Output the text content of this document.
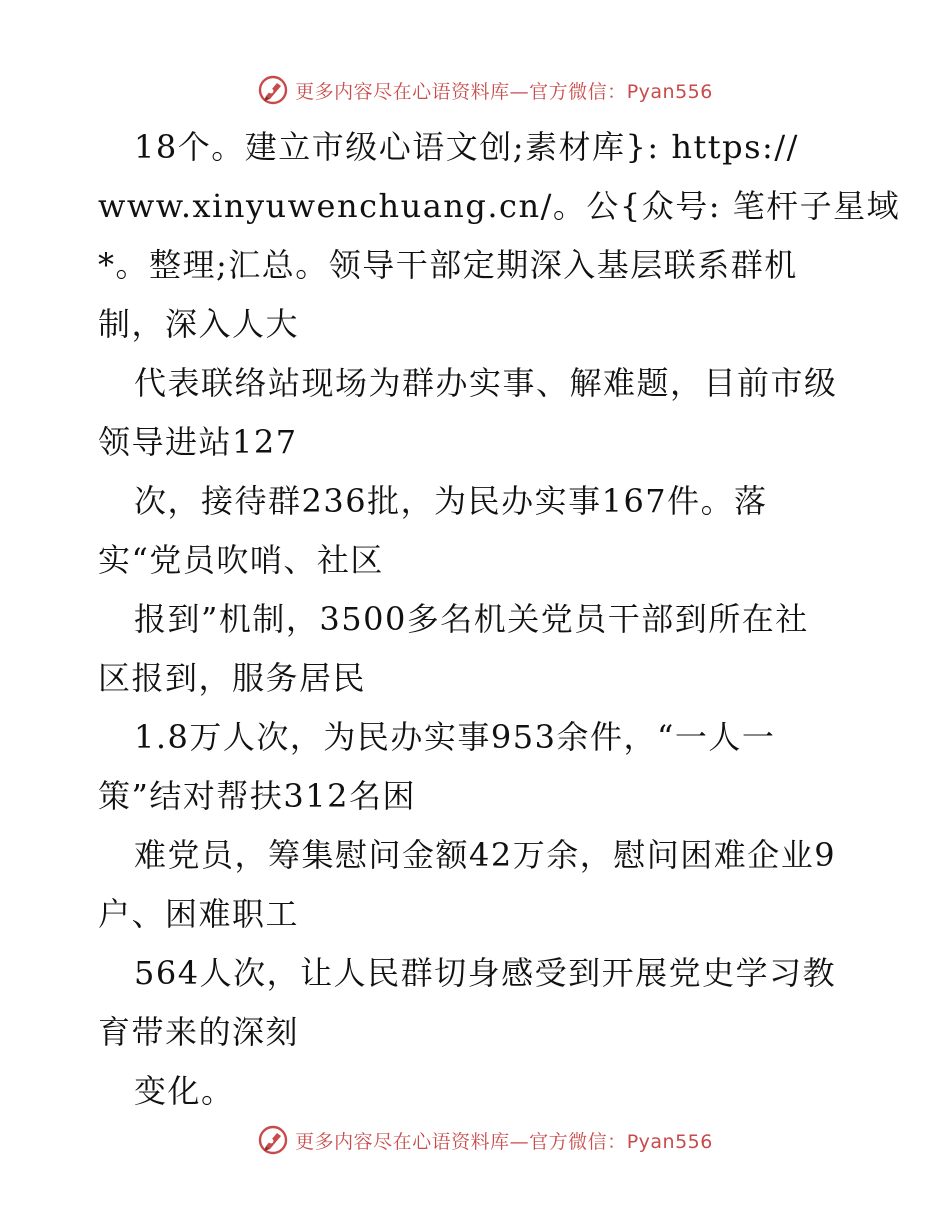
更多内容尽在心语资料库—官方微信：Pyan556
18个。建立市级心语文创;素材库}: https://
www.xinyuwenchuang.cn/。公{众号: 笔杆子星域
*。整理;汇总。领导干部定期深入基层联系群机
制，深入人大
代表联络站现场为群办实事、解难题，目前市级
领导进站127
次，接待群236批，为民办实事167件。落
实“党员吹哨、社区
报到”机制，3500多名机关党员干部到所在社
区报到，服务居民
1.8万人次，为民办实事953余件，“一人一
策”结对帮扶312名困
难党员，筹集慰问金额42万余，慰问困难企业9
户、困难职工
564人次，让人民群切身感受到开展党史学习教
育带来的深刻
变化。
更多内容尽在心语资料库—官方微信：Pyan556
